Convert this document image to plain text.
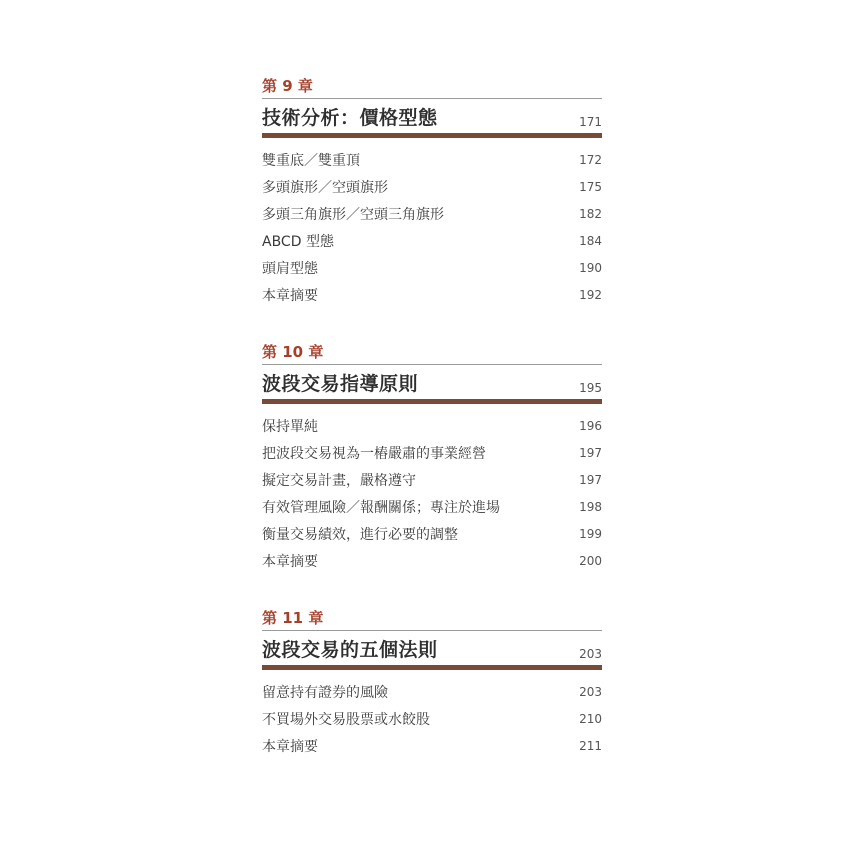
第 9 章
技術分析：價格型態	171
雙重底／雙重頂	172
多頭旗形／空頭旗形	175
多頭三角旗形／空頭三角旗形	182
ABCD 型態	184
頭肩型態	190
本章摘要	192
第 10 章
波段交易指導原則	195
保持單純	196
把波段交易視為一樁嚴肅的事業經營	197
擬定交易計畫，嚴格遵守	197
有效管理風險／報酬關係；專注於進場	198
衡量交易績效，進行必要的調整	199
本章摘要	200
第 11 章
波段交易的五個法則	203
留意持有證券的風險	203
不買場外交易股票或水餃股	210
本章摘要	211
